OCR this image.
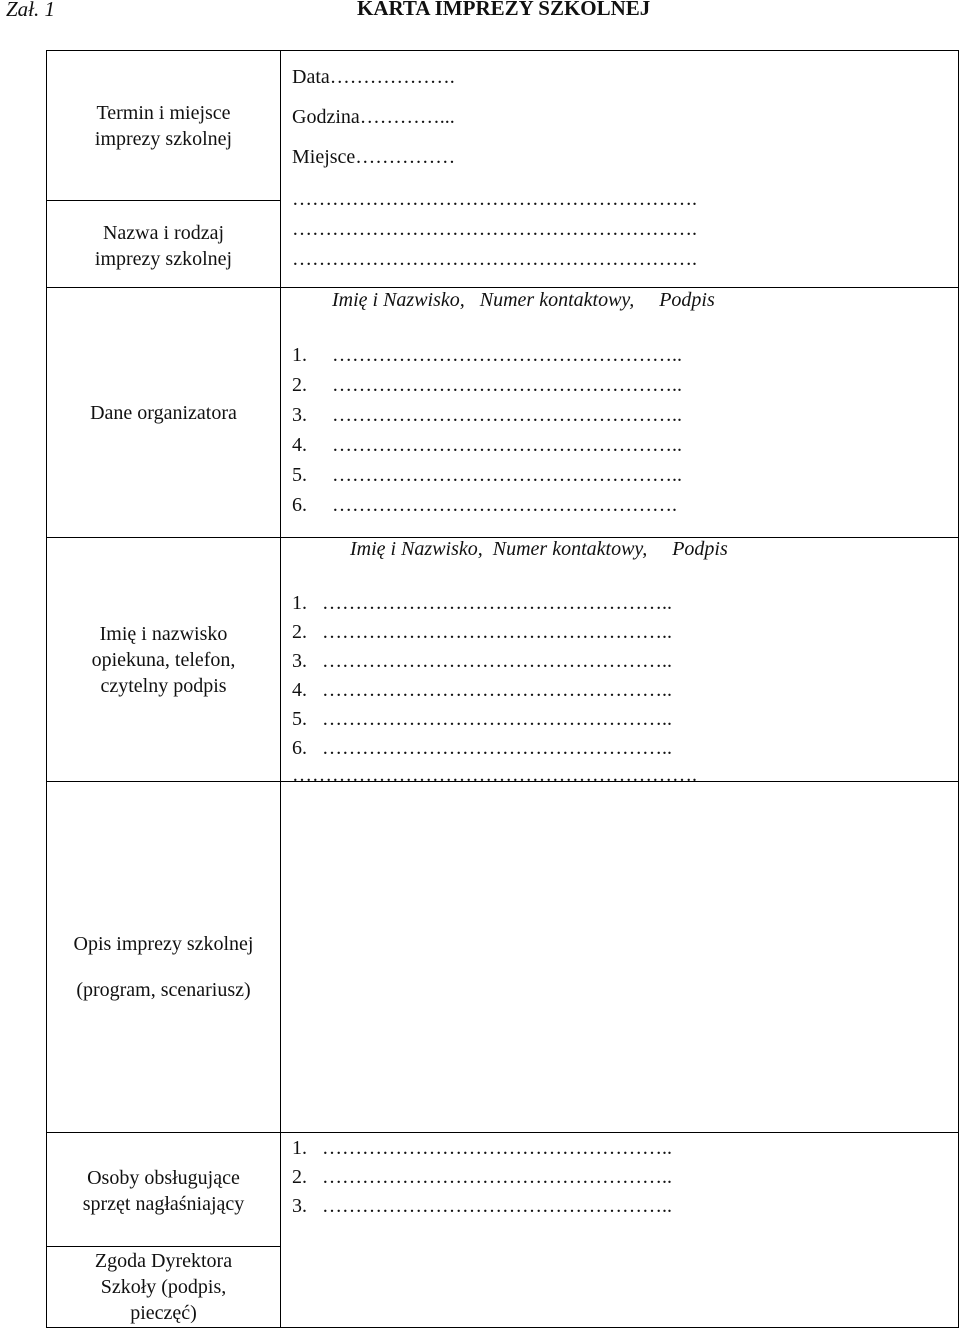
Zał. 1	KARTA IMPREZY SZKOLNEJ
Termin i miejsce
imprezy szkolnej
Data……………….
Godzina…………...
Miejsce……………
Nazwa i rodzaj
imprezy szkolnej
…………………………………………………….
…………………………………………………….
…………………………………………………….
Imię i Nazwisko,   Numer kontaktowy,     Podpis
Dane organizatora
1.     ……………………………………………..
2.     ……………………………………………..
3.     ……………………………………………..
4.     ……………………………………………..
5.     ……………………………………………..
6.     …………………………………………….
Imię i Nazwisko,  Numer kontaktowy,     Podpis
Imię i nazwisko
opiekuna, telefon,
czytelny podpis
1.   ……………………………………………..
2.   ……………………………………………..
3.   ……………………………………………..
4.   ……………………………………………..
5.   ……………………………………………..
6.   ……………………………………………..
…………………………………………………….
Opis imprezy szkolnej
(program, scenariusz)
Osoby obsługujące
sprzęt nagłaśniający
1.   ……………………………………………..
2.   ……………………………………………..
3.   ……………………………………………..
Zgoda Dyrektora
Szkoły (podpis,
pieczęć)
